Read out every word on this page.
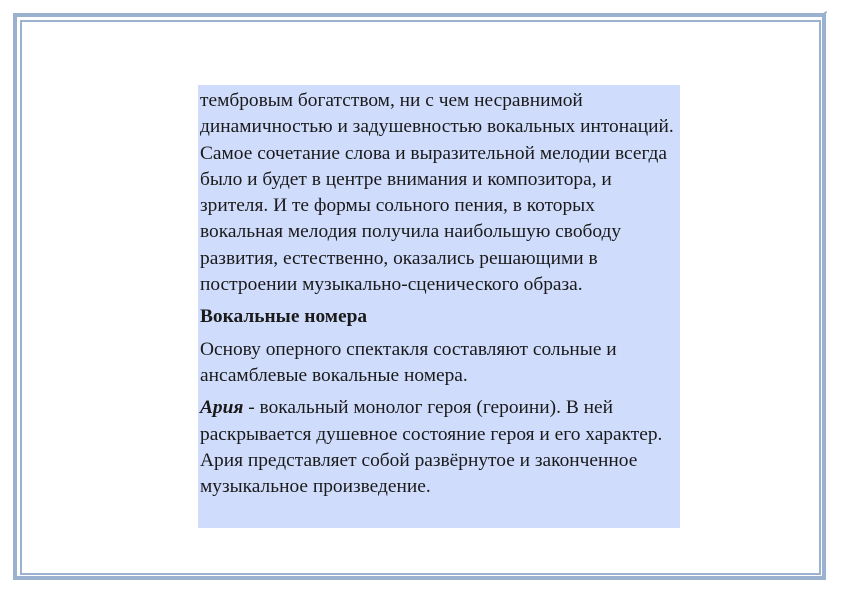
тембровым богатством, ни с чем несравнимой динамичностью и задушевностью вокальных интонаций. Самое сочетание слова и выразительной мелодии всегда было и будет в центре внимания и композитора, и зрителя. И те формы сольного пения, в которых вокальная мелодия получила наибольшую свободу развития, естественно, оказались решающими в построении музыкально-сценического образа.

Вокальные номера

Основу оперного спектакля составляют сольные и ансамблевые вокальные номера.

Ария - вокальный монолог героя (героини). В ней раскрывается душевное состояние героя и его характер. Ария представляет собой развёрнутое и законченное музыкальное произведение.
